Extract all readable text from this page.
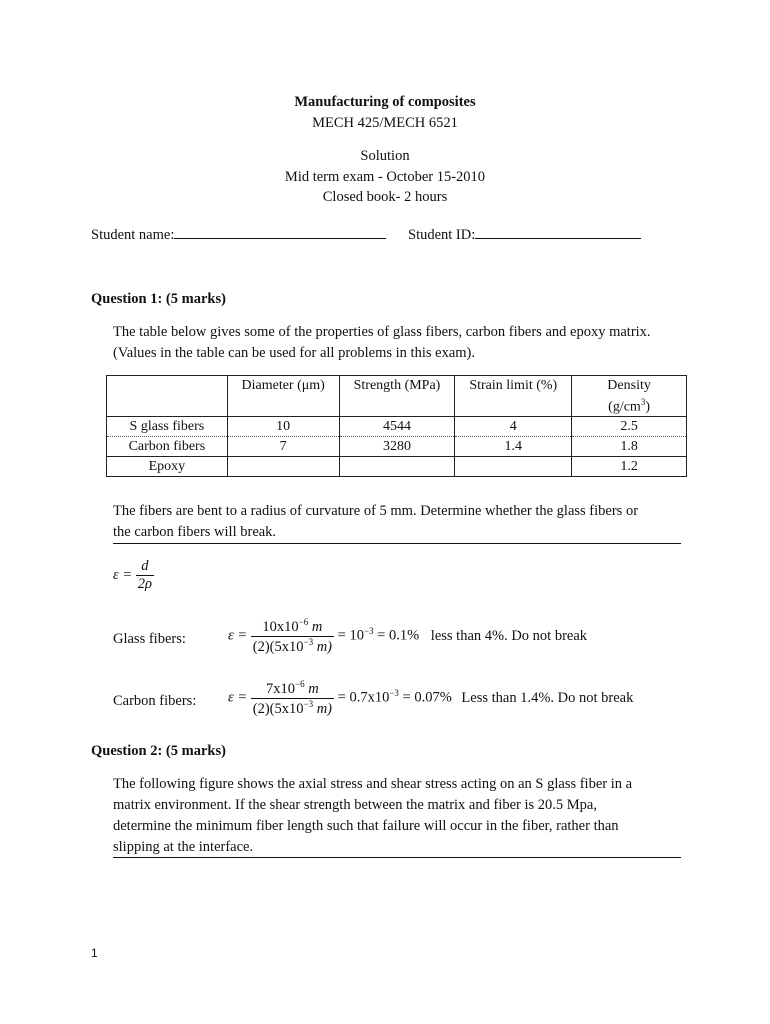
Manufacturing of composites
MECH 425/MECH 6521
Solution
Mid term exam - October 15-2010
Closed book- 2 hours
Student name:	Student ID:
Question 1: (5 marks)
The table below gives some of the properties of glass fibers, carbon fibers and epoxy matrix.
(Values in the table can be used for all problems in this exam).
	Diameter (μm)	Strength (MPa)	Strain limit (%)	Density
$(g/cm^3)$

S glass fibers	10	4544	4	2.5
Carbon fibers	7	3280	1.4	1.8
Epoxy				1.2
The fibers are bent to a radius of curvature of 5 mm. Determine whether the glass fibers or
the carbon fibers will break.
$\varepsilon = \frac{d}{2\rho}$
Glass fibers:	$\varepsilon = \frac{10x10^{-6} m}{(2)(5x10^{-3} m)} = 10^{-3} = 0.1\%$ less than 4%. Do not break
Carbon fibers: $\varepsilon = \frac{7x10^{-6} m}{(2)(5x10^{-3} m)} = 0.7x10^{-3} = 0.07\%$ Less than 1.4%. Do not break
Question 2: (5 marks)
The following figure shows the axial stress and shear stress acting on an S glass fiber in a
matrix environment. If the shear strength between the matrix and fiber is 20.5 Mpa,
determine the minimum fiber length such that failure will occur in the fiber, rather than
slipping at the interface.
1
